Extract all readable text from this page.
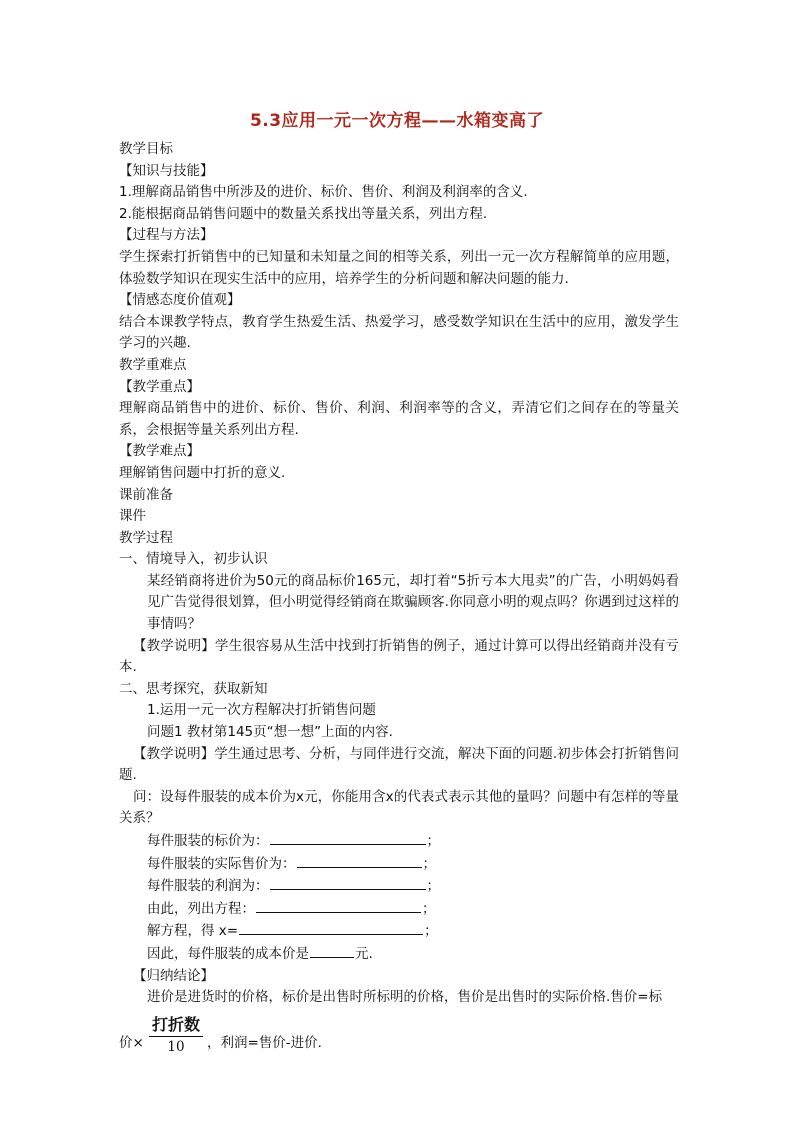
5.3应用一元一次方程——水箱变高了
教学目标
【知识与技能】
1.理解商品销售中所涉及的进价、标价、售价、利润及利润率的含义.
2.能根据商品销售问题中的数量关系找出等量关系，列出方程.
【过程与方法】
学生探索打折销售中的已知量和未知量之间的相等关系，列出一元一次方程解简单的应用题，体验数学知识在现实生活中的应用，培养学生的分析问题和解决问题的能力.
【情感态度价值观】
结合本课教学特点，教育学生热爱生活、热爱学习，感受数学知识在生活中的应用，激发学生学习的兴趣.
教学重难点
【教学重点】
理解商品销售中的进价、标价、售价、利润、利润率等的含义，弄清它们之间存在的等量关系，会根据等量关系列出方程.
【教学难点】
理解销售问题中打折的意义.
课前准备
课件
教学过程
一、情境导入，初步认识
某经销商将进价为50元的商品标价165元，却打着“5折亏本大甩卖”的广告，小明妈妈看见广告觉得很划算，但小明觉得经销商在欺骗顾客.你同意小明的观点吗？你遇到过这样的事情吗？
【教学说明】学生很容易从生活中找到打折销售的例子，通过计算可以得出经销商并没有亏本.
二、思考探究，获取新知
1.运用一元一次方程解决打折销售问题
问题1 教材第145页“想一想”上面的内容.
【教学说明】学生通过思考、分析，与同伴进行交流，解决下面的问题.初步体会打折销售问题.
问：设每件服装的成本价为x元，你能用含x的代表式表示其他的量吗？问题中有怎样的等量关系？
每件服装的标价为：	；
每件服装的实际售价为：	；
每件服装的利润为：	；
由此，列出方程：	；
解方程，得 x=	；
因此，每件服装的成本价是	元.
【归纳结论】
进价是进货时的价格，标价是出售时所标明的价格，售价是出售时的实际价格.售价=标
价×
打折数
10	，利润=售价-进价.
